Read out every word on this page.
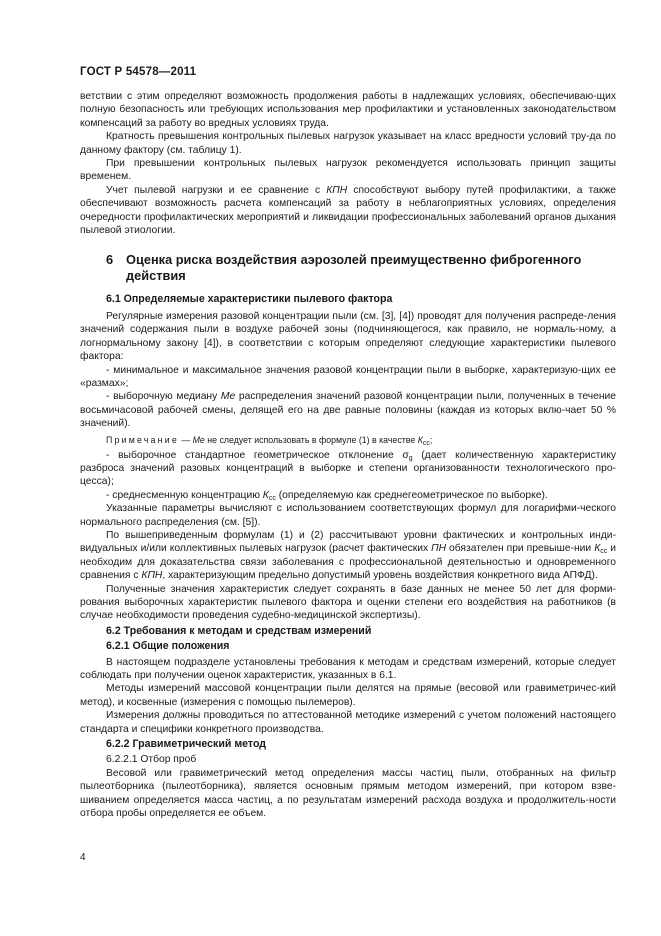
ГОСТ Р 54578—2011

ветствии с этим определяют возможность продолжения работы в надлежащих условиях, обеспечиваю-щих полную безопасность или требующих использования мер профилактики и установленных законодательством компенсаций за работу во вредных условиях труда.

Кратность превышения контрольных пылевых нагрузок указывает на класс вредности условий тру-да по данному фактору (см. таблицу 1).

При превышении контрольных пылевых нагрузок рекомендуется использовать принцип защиты временем.

Учет пылевой нагрузки и ее сравнение с КПН способствуют выбору путей профилактики, а также обеспечивают возможность расчета компенсаций за работу в неблагоприятных условиях, определения очередности профилактических мероприятий и ликвидации профессиональных заболеваний органов дыхания пылевой этиологии.

6	Оценка риска воздействия аэрозолей преимущественно фиброгенного действия
6.1 Определяемые характеристики пылевого фактора

Регулярные измерения разовой концентрации пыли (см. [3], [4]) проводят для получения распреде-ления значений содержания пыли в воздухе рабочей зоны (подчиняющегося, как правило, не нормаль-ному, а логнормальному закону [4]), в соответствии с которым определяют следующие характеристики пылевого фактора:

- минимальное и максимальное значения разовой концентрации пыли в выборке, характеризую-щих ее «размах»;

- выборочную медиану Ме распределения значений разовой концентрации пыли, полученных в течение восьмичасовой рабочей смены, делящей его на две равные половины (каждая из которых вклю-чает 50 % значений).

Примечание — Ме не следует использовать в формуле (1) в качестве $К_{сс}$;

- выборочное стандартное геометрическое отклонение $\sigma_g$ (дает количественную характеристику разброса значений разовых концентраций в выборке и степени организованности технологического про-цесса);

- среднесменную концентрацию $К_{сс}$ (определяемую как среднегеометрическое по выборке).

Указанные параметры вычисляют с использованием соответствующих формул для логарифми-ческого нормального распределения (см. [5]).

По вышеприведенным формулам (1) и (2) рассчитывают уровни фактических и контрольных инди-видуальных и/или коллективных пылевых нагрузок (расчет фактических ПН обязателен при превыше-нии $К_{сс}$ и необходим для доказательства связи заболевания с профессиональной деятельностью и одновременного сравнения с КПН, характеризующим предельно допустимый уровень воздействия конкретного вида АПФД).

Полученные значения характеристик следует сохранять в базе данных не менее 50 лет для форми-рования выборочных характеристик пылевого фактора и оценки степени его воздействия на работников (в случае необходимости проведения судебно-медицинской экспертизы).

6.2 Требования к методам и средствам измерений
6.2.1 Общие положения

В настоящем подразделе установлены требования к методам и средствам измерений, которые следует соблюдать при получении оценок характеристик, указанных в 6.1.

Методы измерений массовой концентрации пыли делятся на прямые (весовой или гравиметричес-кий метод), и косвенные (измерения с помощью пылемеров).

Измерения должны проводиться по аттестованной методике измерений с учетом положений настоящего стандарта и специфики конкретного производства.

6.2.2 Гравиметрический метод
6.2.2.1 Отбор проб

Весовой или гравиметрический метод определения массы частиц пыли, отобранных на фильтр пылеотборника (пылеотборника), является основным прямым методом измерений, при котором взве-шиванием определяется масса частиц, а по результатам измерений расхода воздуха и продолжитель-ности отбора пробы определяется ее объем.

4
